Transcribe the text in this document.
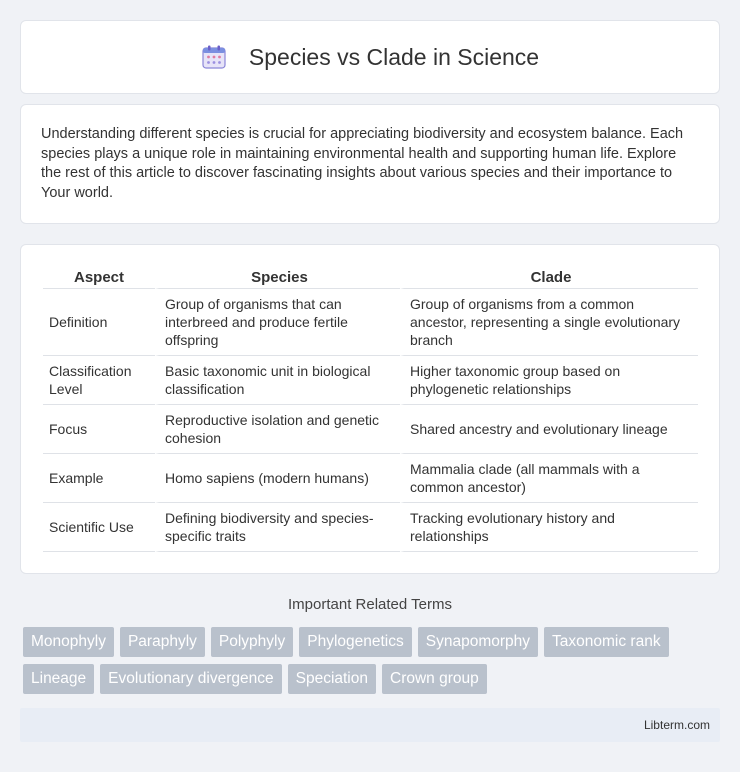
Species vs Clade in Science

Understanding different species is crucial for appreciating biodiversity and ecosystem balance. Each species plays a unique role in maintaining environmental health and supporting human life. Explore the rest of this article to discover fascinating insights about various species and their importance to Your world.

Aspect	Species	Clade
Definition	Group of organisms that can interbreed and produce fertile offspring	Group of organisms from a common ancestor, representing a single evolutionary branch
Classification Level	Basic taxonomic unit in biological classification	Higher taxonomic group based on phylogenetic relationships
Focus	Reproductive isolation and genetic cohesion	Shared ancestry and evolutionary lineage
Example	Homo sapiens (modern humans)	Mammalia clade (all mammals with a common ancestor)
Scientific Use	Defining biodiversity and species-specific traits	Tracking evolutionary history and relationships
Important Related Terms
Monophyly	Paraphyly	Polyphyly	Phylogenetics	Synapomorphy	Taxonomic rank
Lineage	Evolutionary divergence	Speciation	Crown group
Libterm.com
